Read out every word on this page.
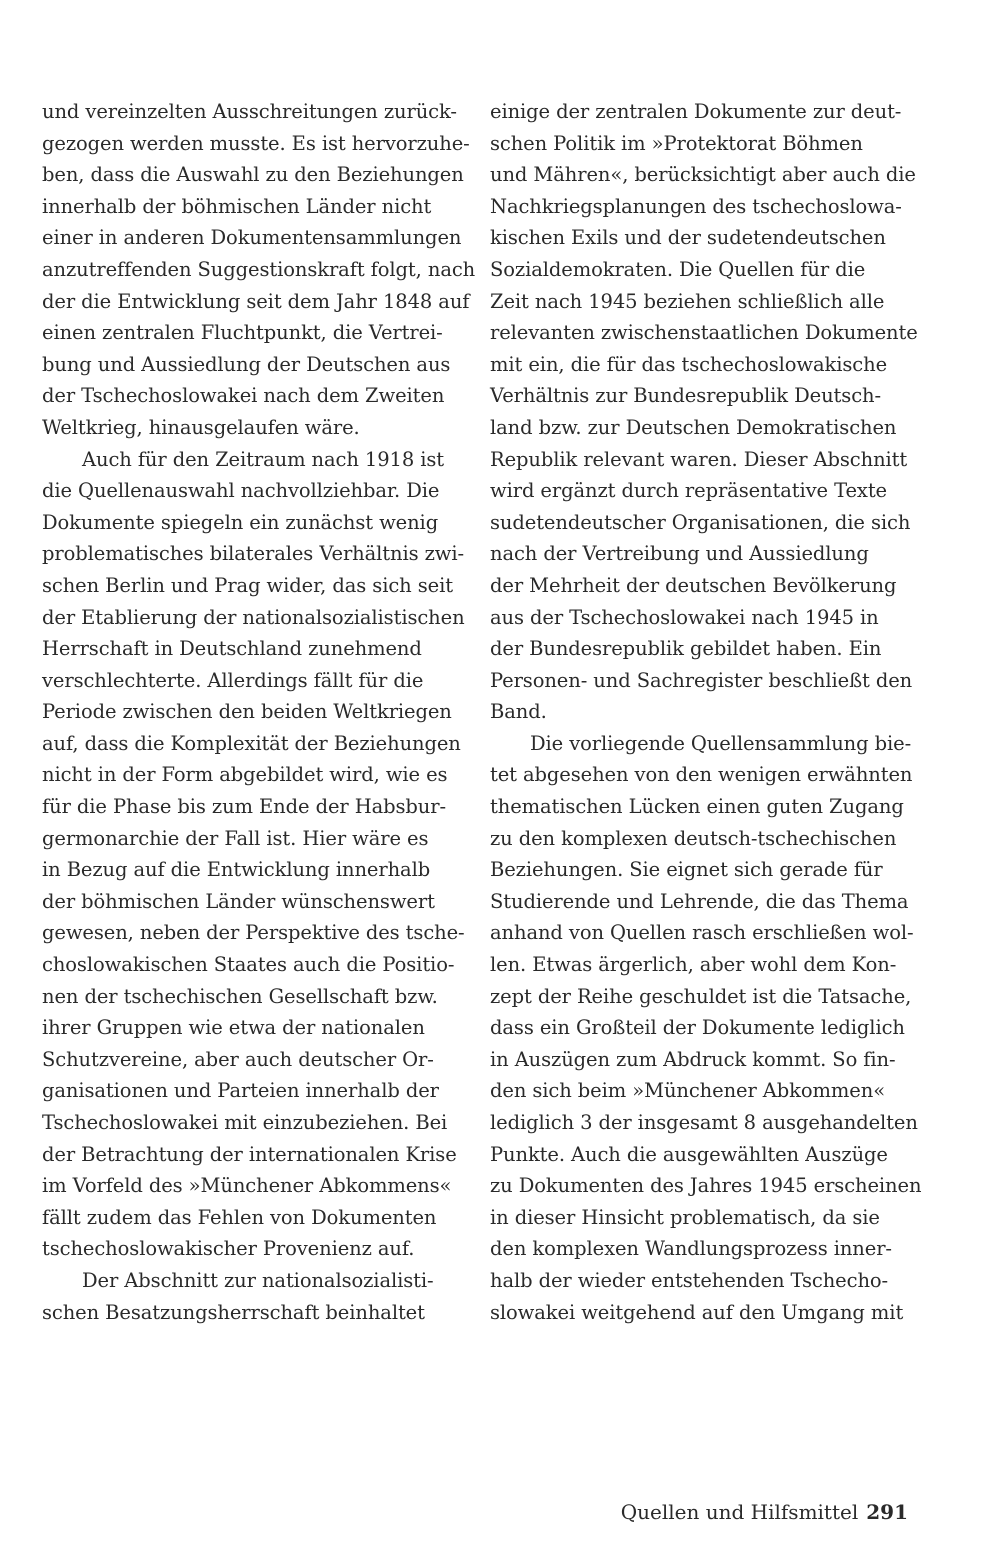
und vereinzelten Ausschreitungen zurück-
gezogen werden musste. Es ist hervorzuhe-
ben, dass die Auswahl zu den Beziehungen
innerhalb der böhmischen Länder nicht
einer in anderen Dokumentensammlungen
anzutreffenden Suggestionskraft folgt, nach
der die Entwicklung seit dem Jahr 1848 auf
einen zentralen Fluchtpunkt, die Vertrei-
bung und Aussiedlung der Deutschen aus
der Tschechoslowakei nach dem Zweiten
Weltkrieg, hinausgelaufen wäre.
Auch für den Zeitraum nach 1918 ist
die Quellenauswahl nachvollziehbar. Die
Dokumente spiegeln ein zunächst wenig
problematisches bilaterales Verhältnis zwi-
schen Berlin und Prag wider, das sich seit
der Etablierung der nationalsozialistischen
Herrschaft in Deutschland zunehmend
verschlechterte. Allerdings fällt für die
Periode zwischen den beiden Weltkriegen
auf, dass die Komplexität der Beziehungen
nicht in der Form abgebildet wird, wie es
für die Phase bis zum Ende der Habsbur-
germonarchie der Fall ist. Hier wäre es
in Bezug auf die Entwicklung innerhalb
der böhmischen Länder wünschenswert
gewesen, neben der Perspektive des tsche-
choslowakischen Staates auch die Positio-
nen der tschechischen Gesellschaft bzw.
ihrer Gruppen wie etwa der nationalen
Schutzvereine, aber auch deutscher Or-
ganisationen und Parteien innerhalb der
Tschechoslowakei mit einzubeziehen. Bei
der Betrachtung der internationalen Krise
im Vorfeld des »Münchener Abkommens«
fällt zudem das Fehlen von Dokumenten
tschechoslowakischer Provenienz auf.
Der Abschnitt zur nationalsozialisti-
schen Besatzungsherrschaft beinhaltet
einige der zentralen Dokumente zur deut-
schen Politik im »Protektorat Böhmen
und Mähren«, berücksichtigt aber auch die
Nachkriegsplanungen des tschechoslowa-
kischen Exils und der sudetendeutschen
Sozialdemokraten. Die Quellen für die
Zeit nach 1945 beziehen schließlich alle
relevanten zwischenstaatlichen Dokumente
mit ein, die für das tschechoslowakische
Verhältnis zur Bundesrepublik Deutsch-
land bzw. zur Deutschen Demokratischen
Republik relevant waren. Dieser Abschnitt
wird ergänzt durch repräsentative Texte
sudetendeutscher Organisationen, die sich
nach der Vertreibung und Aussiedlung
der Mehrheit der deutschen Bevölkerung
aus der Tschechoslowakei nach 1945 in
der Bundesrepublik gebildet haben. Ein
Personen- und Sachregister beschließt den
Band.
Die vorliegende Quellensammlung bie-
tet abgesehen von den wenigen erwähnten
thematischen Lücken einen guten Zugang
zu den komplexen deutsch-tschechischen
Beziehungen. Sie eignet sich gerade für
Studierende und Lehrende, die das Thema
anhand von Quellen rasch erschließen wol-
len. Etwas ärgerlich, aber wohl dem Kon-
zept der Reihe geschuldet ist die Tatsache,
dass ein Großteil der Dokumente lediglich
in Auszügen zum Abdruck kommt. So fin-
den sich beim »Münchener Abkommen«
lediglich 3 der insgesamt 8 ausgehandelten
Punkte. Auch die ausgewählten Auszüge
zu Dokumenten des Jahres 1945 erscheinen
in dieser Hinsicht problematisch, da sie
den komplexen Wandlungsprozess inner-
halb der wieder entstehenden Tschecho-
slowakei weitgehend auf den Umgang mit
Quellen und Hilfsmittel 291
